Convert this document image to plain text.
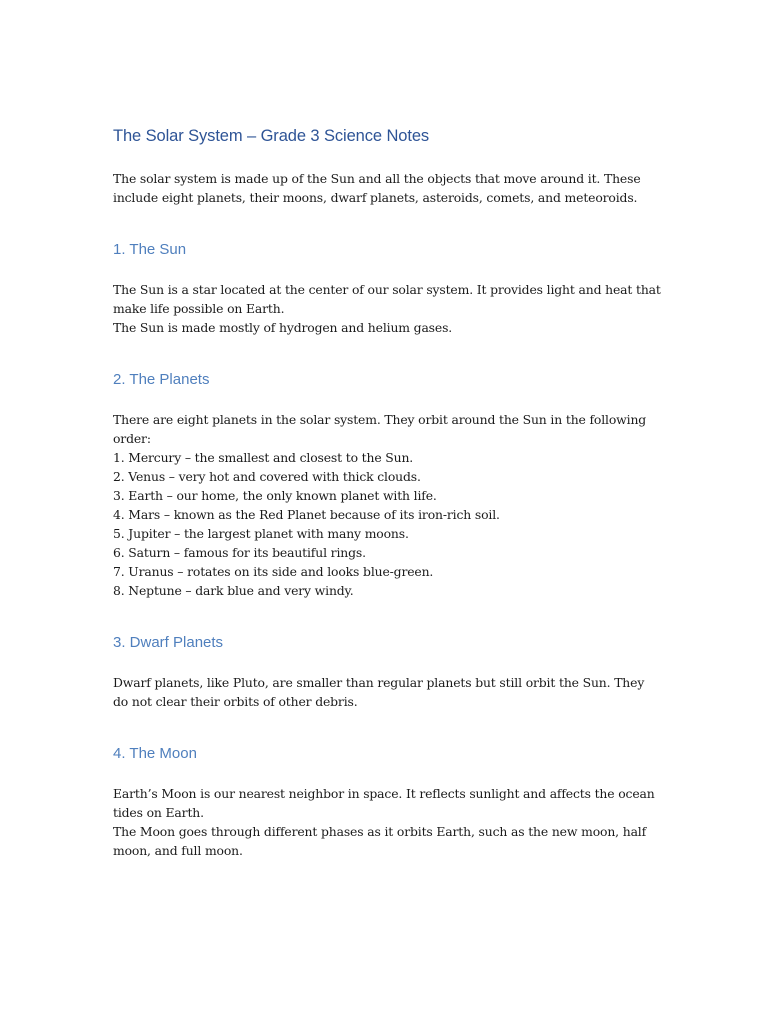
The Solar System – Grade 3 Science Notes

The solar system is made up of the Sun and all the objects that move around it. These include eight planets, their moons, dwarf planets, asteroids, comets, and meteoroids.

1. The Sun

The Sun is a star located at the center of our solar system. It provides light and heat that make life possible on Earth.
The Sun is made mostly of hydrogen and helium gases.

2. The Planets

There are eight planets in the solar system. They orbit around the Sun in the following order:

1. Mercury – the smallest and closest to the Sun.
2. Venus – very hot and covered with thick clouds.
3. Earth – our home, the only known planet with life.
4. Mars – known as the Red Planet because of its iron-rich soil.
5. Jupiter – the largest planet with many moons.
6. Saturn – famous for its beautiful rings.
7. Uranus – rotates on its side and looks blue-green.
8. Neptune – dark blue and very windy.
3. Dwarf Planets

Dwarf planets, like Pluto, are smaller than regular planets but still orbit the Sun. They do not clear their orbits of other debris.

4. The Moon

Earth’s Moon is our nearest neighbor in space. It reflects sunlight and affects the ocean tides on Earth.
The Moon goes through different phases as it orbits Earth, such as the new moon, half moon, and full moon.
